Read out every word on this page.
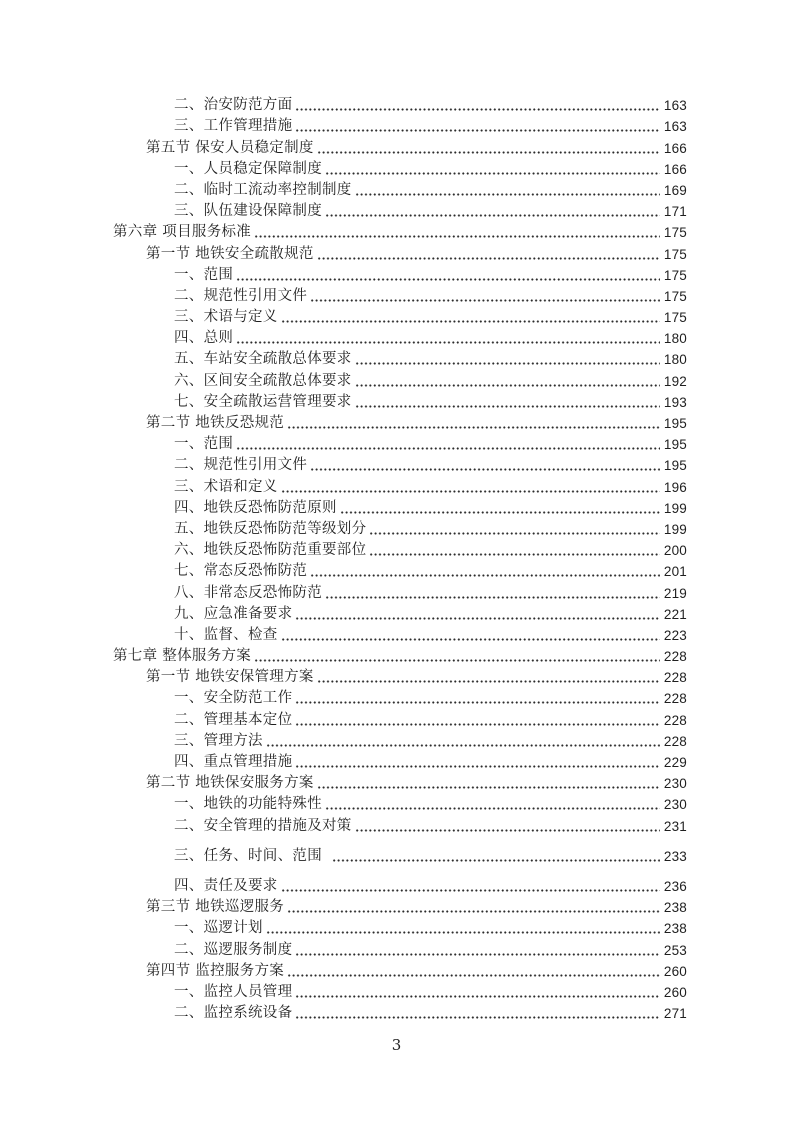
二、治安防范方面	163
三、工作管理措施	163
第五节 保安人员稳定制度	166
一、人员稳定保障制度	166
二、临时工流动率控制制度	169
三、队伍建设保障制度	171
第六章 项目服务标准	175
第一节 地铁安全疏散规范	175
一、范围	175
二、规范性引用文件	175
三、术语与定义	175
四、总则	180
五、车站安全疏散总体要求	180
六、区间安全疏散总体要求	192
七、安全疏散运营管理要求	193
第二节 地铁反恐规范	195
一、范围	195
二、规范性引用文件	195
三、术语和定义	196
四、地铁反恐怖防范原则	199
五、地铁反恐怖防范等级划分	199
六、地铁反恐怖防范重要部位	200
七、常态反恐怖防范	201
八、非常态反恐怖防范	219
九、应急准备要求	221
十、监督、检查	223
第七章 整体服务方案	228
第一节 地铁安保管理方案	228
一、安全防范工作	228
二、管理基本定位	228
三、管理方法	228
四、重点管理措施	229
第二节 地铁保安服务方案	230
一、地铁的功能特殊性	230
二、安全管理的措施及对策	231
三、任务、时间、范围	233
四、责任及要求	236
第三节 地铁巡逻服务	238
一、巡逻计划	238
二、巡逻服务制度	253
第四节 监控服务方案	260
一、监控人员管理	260
二、监控系统设备	271
3
